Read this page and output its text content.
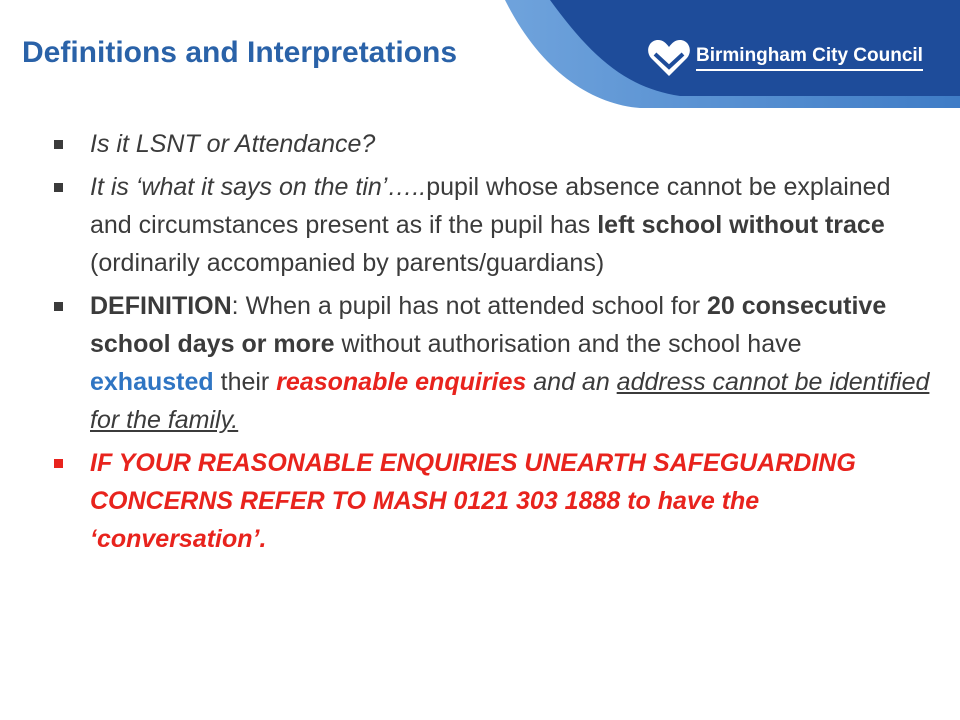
Definitions and Interpretations	Birmingham City Council
Is it LSNT or Attendance?
It is ‘what it says on the tin’…..pupil whose absence cannot be explained and circumstances present as if the pupil has left school without trace (ordinarily accompanied by parents/guardians)
DEFINITION: When a pupil has not attended school for 20 consecutive school days or more without authorisation and the school have exhausted their reasonable enquiries and an address cannot be identified for the family.
IF YOUR REASONABLE ENQUIRIES UNEARTH SAFEGUARDING CONCERNS REFER TO MASH 0121 303 1888 to have the ‘conversation’.
